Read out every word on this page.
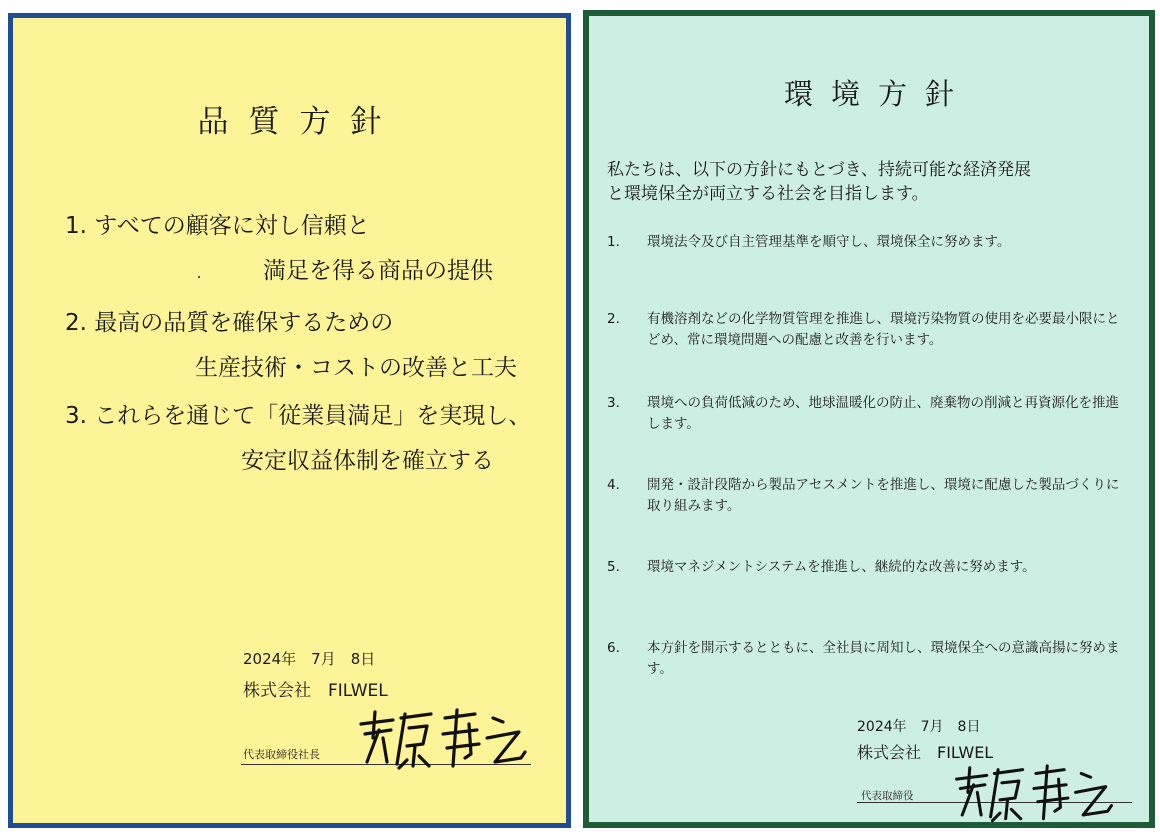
品質方針
1. すべての顧客に対し信頼と
満足を得る商品の提供
2. 最高の品質を確保するための
生産技術・コストの改善と工夫
3. これらを通じて「従業員満足」を実現し、
安定収益体制を確立する
2024年　7月　8日
株式会社　FILWEL
代表取締役社長
環境方針
私たちは、以下の方針にもとづき、持続可能な経済発展
と環境保全が両立する社会を目指します。
1. 環境法令及び自主管理基準を順守し、環境保全に努めます。
2. 有機溶剤などの化学物質管理を推進し、環境汚染物質の使用を必要最小限にとどめ、常に環境問題への配慮と改善を行います。
3. 環境への負荷低減のため、地球温暖化の防止、廃棄物の削減と再資源化を推進します。
4. 開発・設計段階から製品アセスメントを推進し、環境に配慮した製品づくりに取り組みます。
5. 環境マネジメントシステムを推進し、継続的な改善に努めます。
6. 本方針を開示するとともに、全社員に周知し、環境保全への意識高揚に努めます。
2024年　7月　8日
株式会社　FILWEL
代表取締役
